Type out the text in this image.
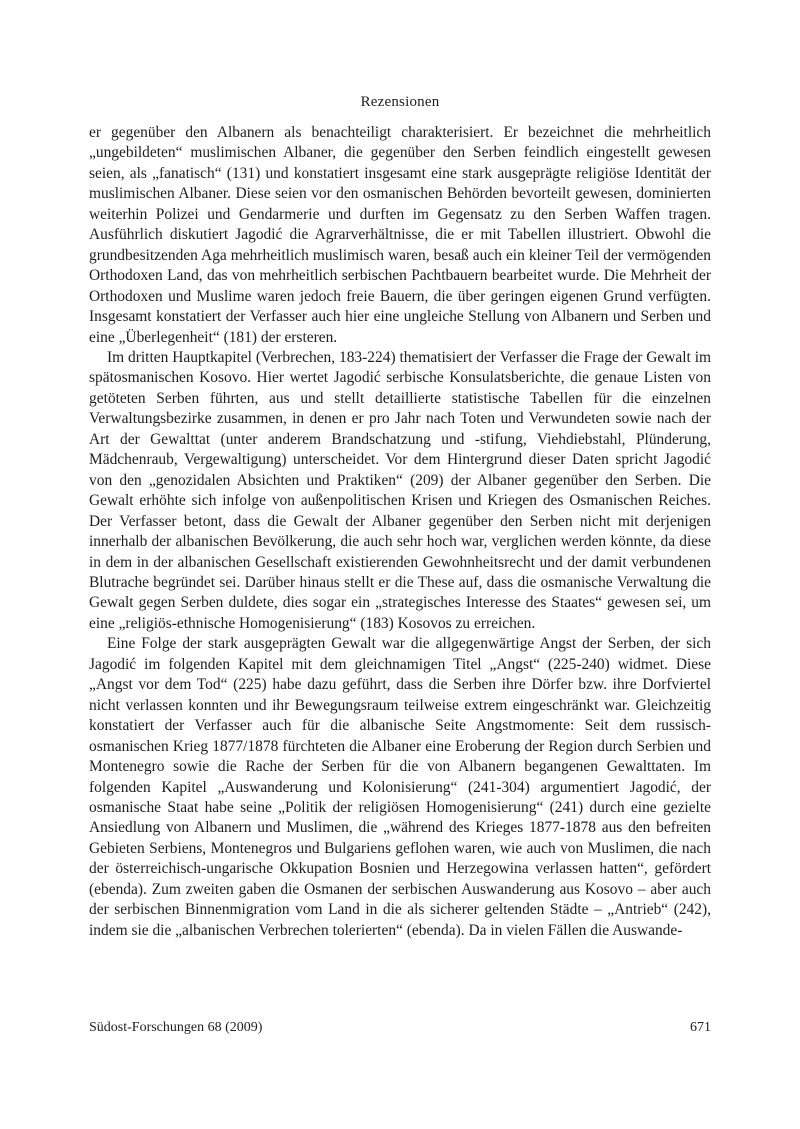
Rezensionen

er gegenüber den Albanern als benachteiligt charakterisiert. Er bezeichnet die mehrheitlich „ungebildeten“ muslimischen Albaner, die gegenüber den Serben feindlich eingestellt gewesen seien, als „fanatisch“ (131) und konstatiert insgesamt eine stark ausgeprägte religiöse Identität der muslimischen Albaner. Diese seien vor den osmanischen Behörden bevorteilt gewesen, dominierten weiterhin Polizei und Gendarmerie und durften im Gegensatz zu den Serben Waffen tragen. Ausführlich diskutiert Jagodić die Agrarverhältnisse, die er mit Tabellen illustriert. Obwohl die grundbesitzenden Aga mehrheitlich muslimisch waren, besaß auch ein kleiner Teil der vermögenden Orthodoxen Land, das von mehrheitlich serbischen Pachtbauern bearbeitet wurde. Die Mehrheit der Orthodoxen und Muslime waren jedoch freie Bauern, die über geringen eigenen Grund verfügten. Insgesamt konstatiert der Verfasser auch hier eine ungleiche Stellung von Albanern und Serben und eine „Überlegenheit“ (181) der ersteren.

Im dritten Hauptkapitel (Verbrechen, 183-224) thematisiert der Verfasser die Frage der Gewalt im spätosmanischen Kosovo. Hier wertet Jagodić serbische Konsulatsberichte, die genaue Listen von getöteten Serben führten, aus und stellt detaillierte statistische Tabellen für die einzelnen Verwaltungsbezirke zusammen, in denen er pro Jahr nach Toten und Verwundeten sowie nach der Art der Gewalttat (unter anderem Brandschatzung und -stifung, Viehdiebstahl, Plünderung, Mädchenraub, Vergewaltigung) unterscheidet. Vor dem Hintergrund dieser Daten spricht Jagodić von den „genozidalen Absichten und Praktiken“ (209) der Albaner gegenüber den Serben. Die Gewalt erhöhte sich infolge von außenpolitischen Krisen und Kriegen des Osmanischen Reiches. Der Verfasser betont, dass die Gewalt der Albaner gegenüber den Serben nicht mit derjenigen innerhalb der albanischen Bevölkerung, die auch sehr hoch war, verglichen werden könnte, da diese in dem in der albanischen Gesellschaft existierenden Gewohnheitsrecht und der damit verbundenen Blutrache begründet sei. Darüber hinaus stellt er die These auf, dass die osmanische Verwaltung die Gewalt gegen Serben duldete, dies sogar ein „strategisches Interesse des Staates“ gewesen sei, um eine „religiös-ethnische Homogenisierung“ (183) Kosovos zu erreichen.

Eine Folge der stark ausgeprägten Gewalt war die allgegenwärtige Angst der Serben, der sich Jagodić im folgenden Kapitel mit dem gleichnamigen Titel „Angst“ (225-240) widmet. Diese „Angst vor dem Tod“ (225) habe dazu geführt, dass die Serben ihre Dörfer bzw. ihre Dorfviertel nicht verlassen konnten und ihr Bewegungsraum teilweise extrem eingeschränkt war. Gleichzeitig konstatiert der Verfasser auch für die albanische Seite Angstmomente: Seit dem russisch-osmanischen Krieg 1877/1878 fürchteten die Albaner eine Eroberung der Region durch Serbien und Montenegro sowie die Rache der Serben für die von Albanern begangenen Gewalttaten. Im folgenden Kapitel „Auswanderung und Kolonisierung“ (241-304) argumentiert Jagodić, der osmanische Staat habe seine „Politik der religiösen Homogenisierung“ (241) durch eine gezielte Ansiedlung von Albanern und Muslimen, die „während des Krieges 1877-1878 aus den befreiten Gebieten Serbiens, Montenegros und Bulgariens geflohen waren, wie auch von Muslimen, die nach der österreichisch-ungarische Okkupation Bosnien und Herzegowina verlassen hatten“, gefördert (ebenda). Zum zweiten gaben die Osmanen der serbischen Auswanderung aus Kosovo – aber auch der serbischen Binnenmigration vom Land in die als sicherer geltenden Städte – „Antrieb“ (242), indem sie die „albanischen Verbrechen tolerierten“ (ebenda). Da in vielen Fällen die Auswande-

Südost-Forschungen 68 (2009)	671
